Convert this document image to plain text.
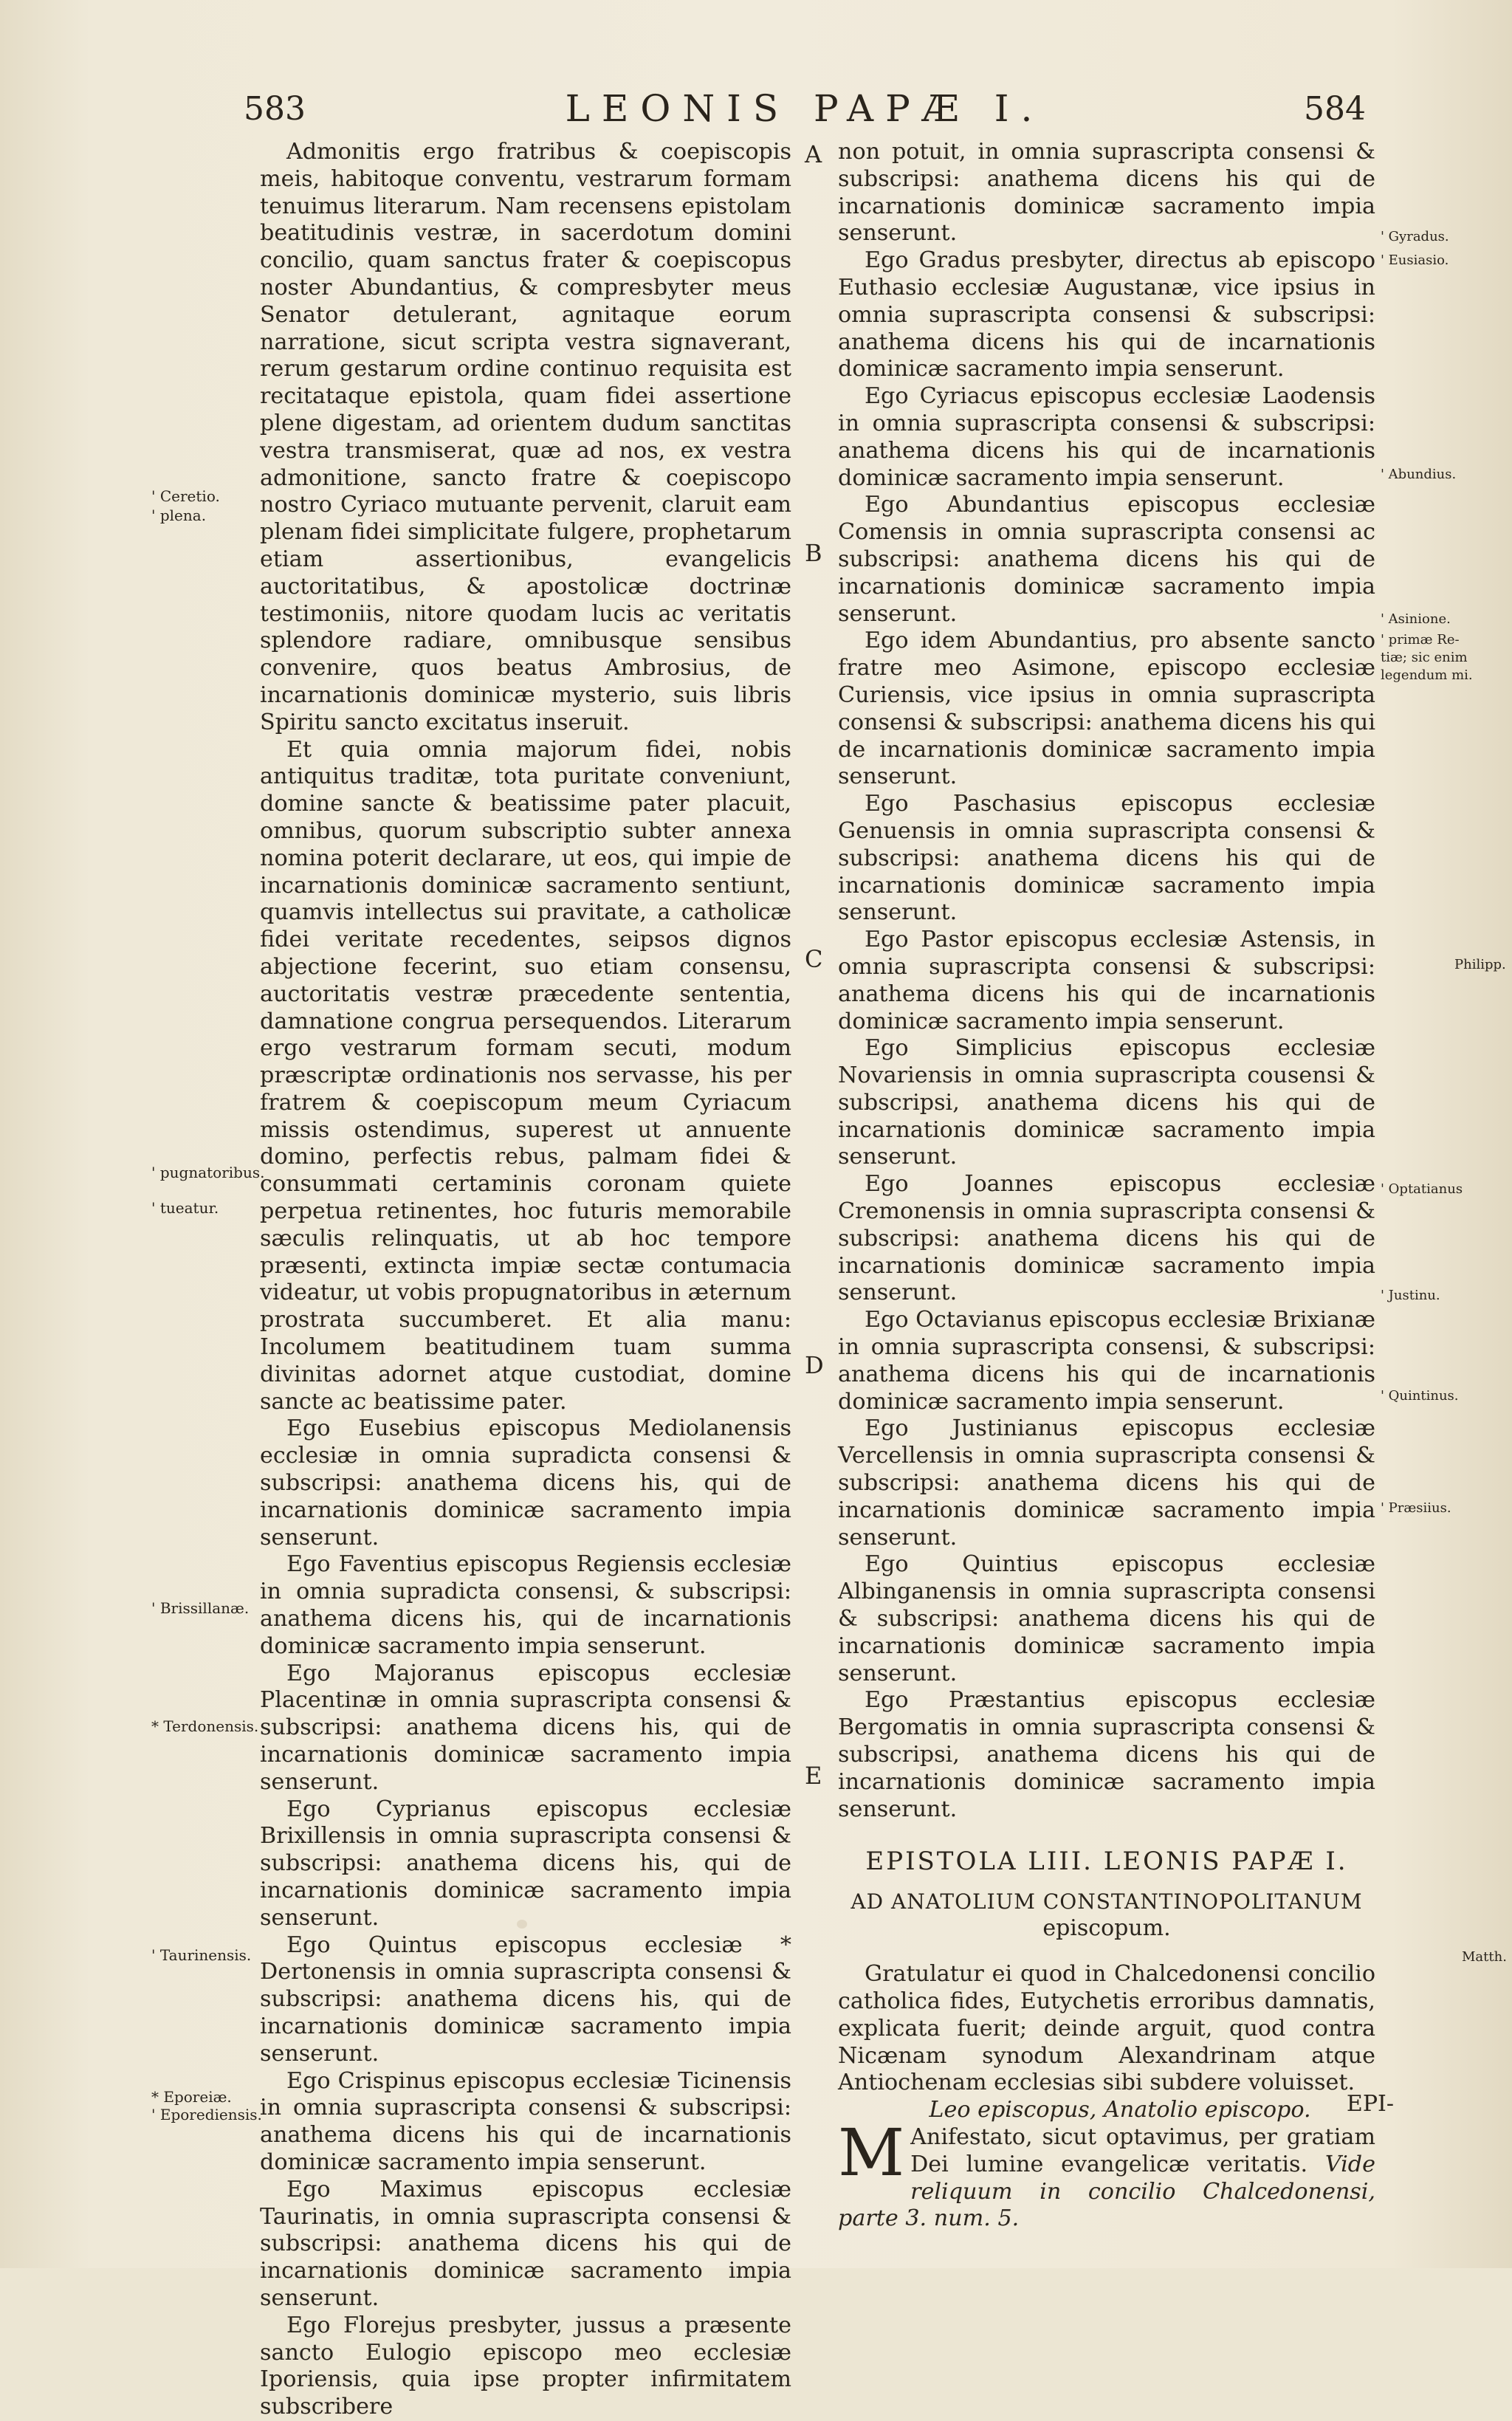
583	LEONIS PAPÆ I.	584
' Ceretio.
' plena.
' pugnatoribus.
' tueatur.
' Brissillanæ.
* Terdonensis.
' Taurinensis.
* Eporeiæ.
' Eporediensis.

Admonitis ergo fratribus & coepiscopis meis, habitoque conventu, vestrarum formam tenuimus literarum. Nam recensens epistolam beatitudinis vestræ, in sacerdotum domini concilio, quam sanctus frater & coepiscopus noster Abundantius, & compresbyter meus Senator detulerant, agnitaque eorum narratione, sicut scripta vestra signaverant, rerum gestarum ordine continuo requisita est recitataque epistola, quam fidei assertione plene digestam, ad orientem dudum sanctitas vestra transmiserat, quæ ad nos, ex vestra admonitione, sancto fratre & coepiscopo nostro Cyriaco mutuante pervenit, claruit eam plenam fidei simplicitate fulgere, prophetarum etiam assertionibus, evangelicis auctoritatibus, & apostolicæ doctrinæ testimoniis, nitore quodam lucis ac veritatis splendore radiare, omnibusque sensibus convenire, quos beatus Ambrosius, de incarnationis dominicæ mysterio, suis libris Spiritu sancto excitatus inseruit.

Et quia omnia majorum fidei, nobis antiquitus traditæ, tota puritate conveniunt, domine sancte & beatissime pater placuit, omnibus, quorum subscriptio subter annexa nomina poterit declarare, ut eos, qui impie de incarnationis dominicæ sacramento sentiunt, quamvis intellectus sui pravitate, a catholicæ fidei veritate recedentes, seipsos dignos abjectione fecerint, suo etiam consensu, auctoritatis vestræ præcedente sententia, damnatione congrua persequendos. Literarum ergo vestrarum formam secuti, modum præscriptæ ordinationis nos servasse, his per fratrem & coepiscopum meum Cyriacum missis ostendimus, superest ut annuente domino, perfectis rebus, palmam fidei & consummati certaminis coronam quiete perpetua retinentes, hoc futuris memorabile sæculis relinquatis, ut ab hoc tempore præsenti, extincta impiæ sectæ contumacia videatur, ut vobis propugnatoribus in æternum prostrata succumberet. Et alia manu: Incolumem beatitudinem tuam summa divinitas adornet atque custodiat, domine sancte ac beatissime pater.

Ego Eusebius episcopus Mediolanensis ecclesiæ in omnia supradicta consensi & subscripsi: anathema dicens his, qui de incarnationis dominicæ sacramento impia senserunt.

Ego Faventius episcopus Regiensis ecclesiæ in omnia supradicta consensi, & subscripsi: anathema dicens his, qui de incarnationis dominicæ sacramento impia senserunt.

Ego Majoranus episcopus ecclesiæ Placentinæ in omnia suprascripta consensi & subscripsi: anathema dicens his, qui de incarnationis dominicæ sacramento impia senserunt.

Ego Cyprianus episcopus ecclesiæ Brixillensis in omnia suprascripta consensi & subscripsi: anathema dicens his, qui de incarnationis dominicæ sacramento impia senserunt.

Ego Quintus episcopus ecclesiæ * Dertonensis in omnia suprascripta consensi & subscripsi: anathema dicens his, qui de incarnationis dominicæ sacramento impia senserunt.

Ego Crispinus episcopus ecclesiæ Ticinensis in omnia suprascripta consensi & subscripsi: anathema dicens his qui de incarnationis dominicæ sacramento impia senserunt.

Ego Maximus episcopus ecclesiæ Taurinatis, in omnia suprascripta consensi & subscripsi: anathema dicens his qui de incarnationis dominicæ sacramento impia senserunt.

Ego Florejus presbyter, jussus a præsente sancto Eulogio episcopo meo ecclesiæ Iporiensis, quia ipse propter infirmitatem subscribere

A
B
C
D
E

non potuit, in omnia suprascripta consensi & subscripsi: anathema dicens his qui de incarnationis dominicæ sacramento impia senserunt.

Ego Gradus presbyter, directus ab episcopo Euthasio ecclesiæ Augustanæ, vice ipsius in omnia suprascripta consensi & subscripsi: anathema dicens his qui de incarnationis dominicæ sacramento impia senserunt.

Ego Cyriacus episcopus ecclesiæ Laodensis in omnia suprascripta consensi & subscripsi: anathema dicens his qui de incarnationis dominicæ sacramento impia senserunt.

Ego Abundantius episcopus ecclesiæ Comensis in omnia suprascripta consensi ac subscripsi: anathema dicens his qui de incarnationis dominicæ sacramento impia senserunt.

Ego idem Abundantius, pro absente sancto fratre meo Asimone, episcopo ecclesiæ Curiensis, vice ipsius in omnia suprascripta consensi & subscripsi: anathema dicens his qui de incarnationis dominicæ sacramento impia senserunt.

Ego Paschasius episcopus ecclesiæ Genuensis in omnia suprascripta consensi & subscripsi: anathema dicens his qui de incarnationis dominicæ sacramento impia senserunt.

Ego Pastor episcopus ecclesiæ Astensis, in omnia suprascripta consensi & subscripsi: anathema dicens his qui de incarnationis dominicæ sacramento impia senserunt.

Ego Simplicius episcopus ecclesiæ Novariensis in omnia suprascripta cousensi & subscripsi, anathema dicens his qui de incarnationis dominicæ sacramento impia senserunt.

Ego Joannes episcopus ecclesiæ Cremonensis in omnia suprascripta consensi & subscripsi: anathema dicens his qui de incarnationis dominicæ sacramento impia senserunt.

Ego Octavianus episcopus ecclesiæ Brixianæ in omnia suprascripta consensi, & subscripsi: anathema dicens his qui de incarnationis dominicæ sacramento impia senserunt.

Ego Justinianus episcopus ecclesiæ Vercellensis in omnia suprascripta consensi & subscripsi: anathema dicens his qui de incarnationis dominicæ sacramento impia senserunt.

Ego Quintius episcopus ecclesiæ Albinganensis in omnia suprascripta consensi & subscripsi: anathema dicens his qui de incarnationis dominicæ sacramento impia senserunt.

Ego Præstantius episcopus ecclesiæ Bergomatis in omnia suprascripta consensi & subscripsi, anathema dicens his qui de incarnationis dominicæ sacramento impia senserunt.

EPISTOLA LIII. LEONIS PAPÆ I.
AD ANATOLIUM CONSTANTINOPOLITANUM
episcopum.

Gratulatur ei quod in Chalcedonensi concilio catholica fides, Eutychetis erroribus damnatis, explicata fuerit; deinde arguit, quod contra Nicænam synodum Alexandrinam atque Antiochenam ecclesias sibi subdere voluisset.

Leo episcopus, Anatolio episcopo.

M Anifestato, sicut optavimus, per gratiam Dei lumine evangelicæ veritatis. Vide reliquum in concilio Chalcedonensi, parte 3. num. 5.

EPI-
' Gyradus.
' Eusiasio.
' Abundius.
' Asinione.
' primæ Re-
tiæ; sic enim
legendum mi.
Philipp.
' Optatianus
' Justinu.
' Quintinus.
' Præsiius.
Matth.
